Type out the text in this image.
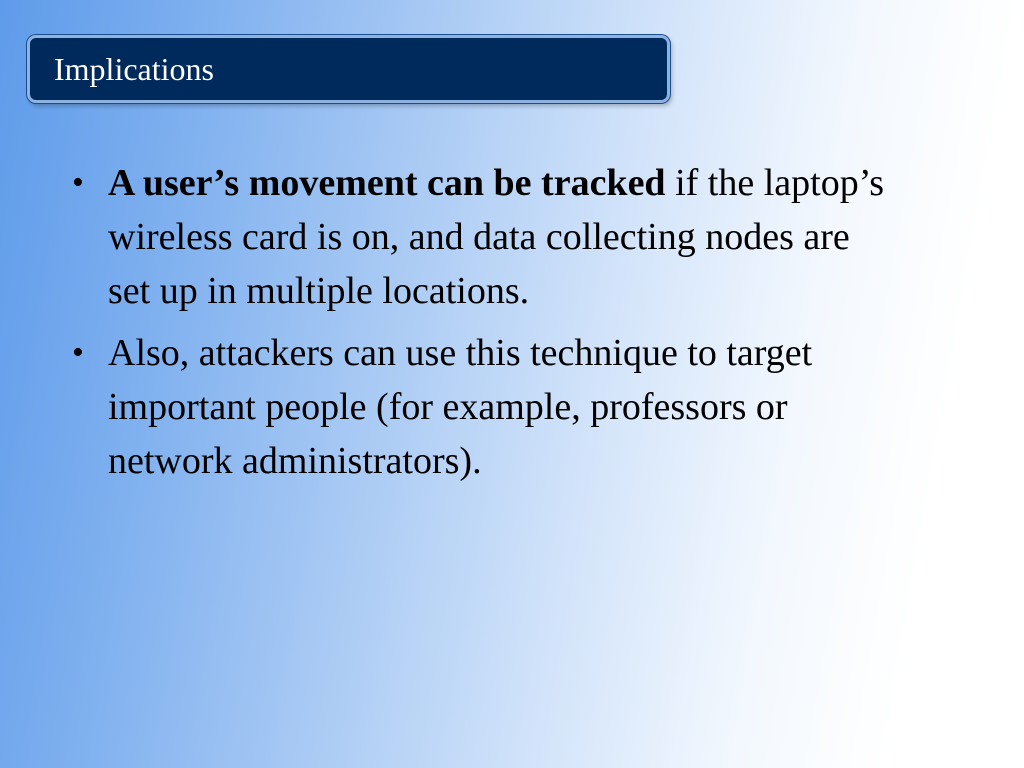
Implications
• A user’s movement can be tracked if the laptop’s wireless card is on, and data collecting nodes are set up in multiple locations.
• Also, attackers can use this technique to target important people (for example, professors or network administrators).
